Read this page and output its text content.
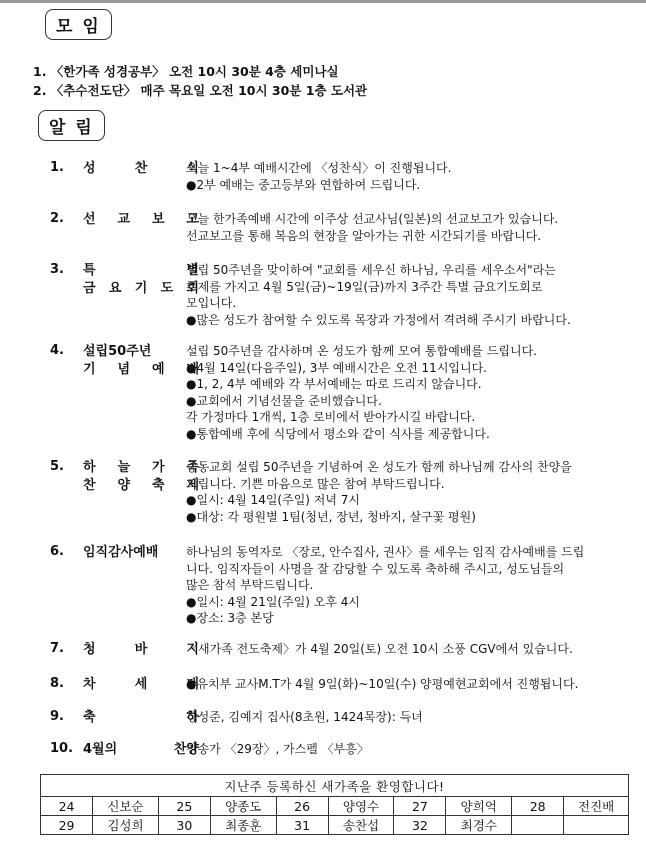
모 임
1. 〈한가족 성경공부〉 오전 10시 30분 4층 세미나실
2. 〈추수전도단〉 매주 목요일 오전 10시 30분 1층 도서관
알 림
1. 성 찬 식
오늘 1~4부 예배시간에 〈성찬식〉이 진행됩니다.
●2부 예배는 중고등부와 연합하여 드립니다.
2. 선 교 보 고
오늘 한가족예배 시간에 이주상 선교사님(일본)의 선교보고가 있습니다.
선교보고를 통해 복음의 현장을 알아가는 귀한 시간되기를 바랍니다.
3. 특 별
금 요 기 도 회
설립 50주년을 맞이하여 "교회를 세우신 하나님, 우리를 세우소서"라는
주제를 가지고 4월 5일(금)~19일(금)까지 3주간 특별 금요기도회로
모입니다.
●많은 성도가 참여할 수 있도록 목장과 가정에서 격려해 주시기 바랍니다.
4. 설립50주년
기 념 예 배
설립 50주년을 감사하며 온 성도가 함께 모여 통합예배를 드립니다.
●4월 14일(다음주일), 3부 예배시간은 오전 11시입니다.
●1, 2, 4부 예배와 각 부서예배는 따로 드리지 않습니다.
●교회에서 기념선물을 준비했습니다.
각 가정마다 1개씩, 1층 로비에서 받아가시길 바랍니다.
●통합예배 후에 식당에서 평소와 같이 식사를 제공합니다.
5. 하 늘 가 족
찬 양 축 제
중동교회 설립 50주년을 기념하여 온 성도가 함께 하나님께 감사의 찬양을
드립니다. 기쁜 마음으로 많은 참여 부탁드립니다.
●일시: 4월 14일(주일) 저녁 7시
●대상: 각 평원별 1팀(청년, 장년, 청바지, 살구꽃 평원)
6. 임직감사예배	하나님의 동역자로 〈장로, 안수집사, 권사〉를 세우는 임직 감사예배를 드립
니다. 임직자들이 사명을 잘 감당할 수 있도록 축하해 주시고, 성도님들의
많은 참석 부탁드립니다.
●일시: 4월 21일(주일) 오후 4시
●장소: 3층 본당
7. 청 바 지
〈새가족 전도축제〉가 4월 20일(토) 오전 10시 소풍 CGV에서 있습니다.
8. 차 세 대
●유치부 교사M.T가 4월 9일(화)~10일(수) 양평예현교회에서 진행됩니다.
9. 축 하
장성준, 김예지 집사(8초원, 1424목장): 득녀
10. 4월의 찬양
찬송가 〈29장〉, 가스펠 〈부흥〉
지난주 등록하신 새가족을 환영합니다!									
24	신보순	25	양종도	26	양영수	27	양희억	28	전진배
29	김성희	30	최종훈	31	송찬섭	32	최경수		
